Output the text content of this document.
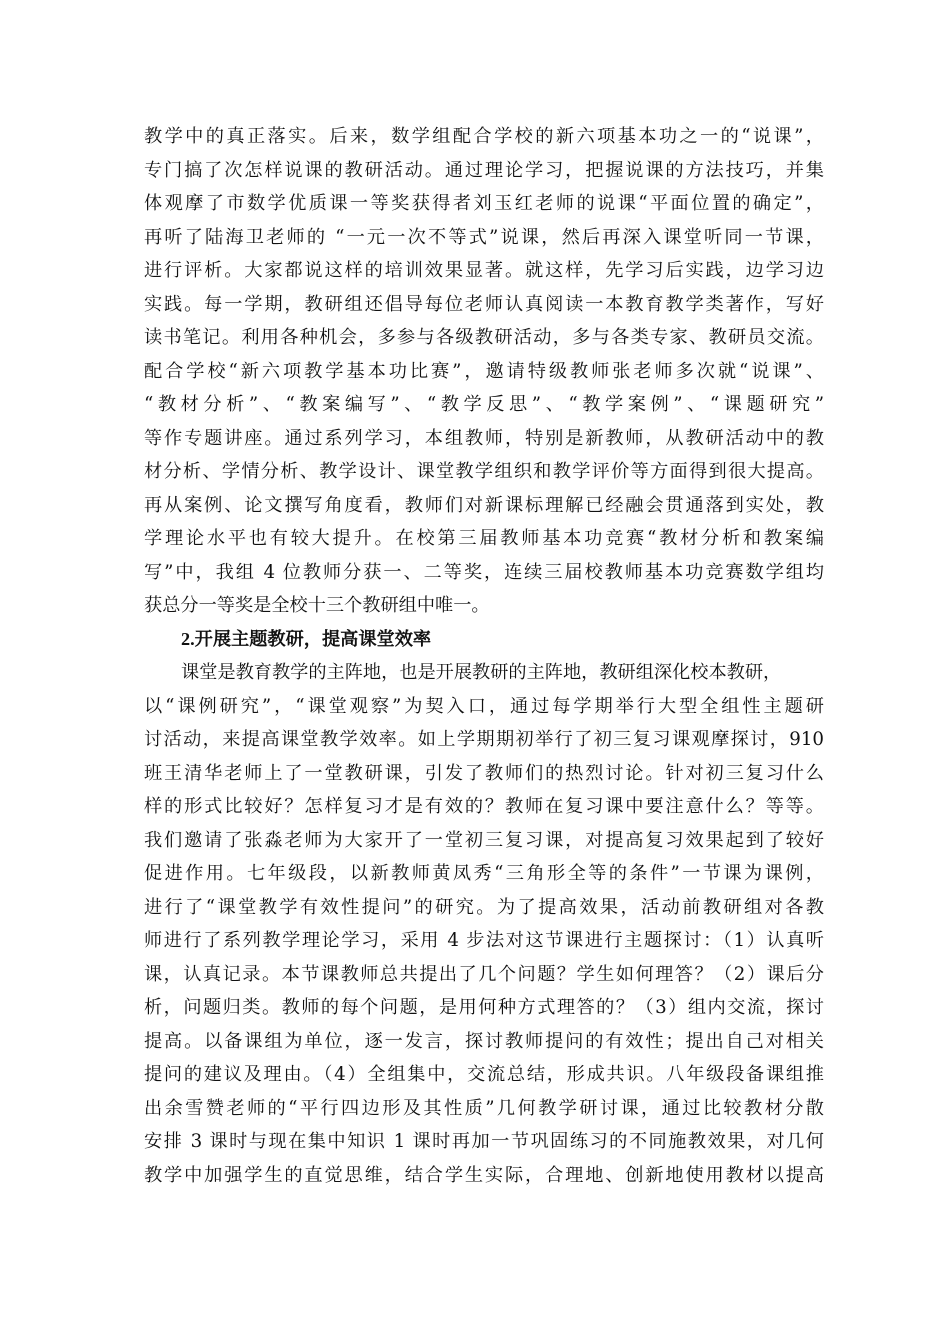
教学中的真正落实。后来，数学组配合学校的新六项基本功之一的“说课”，
专门搞了次怎样说课的教研活动。通过理论学习，把握说课的方法技巧，并集
体观摩了市数学优质课一等奖获得者刘玉红老师的说课“平面位置的确定”，
再听了陆海卫老师的 “一元一次不等式”说课，然后再深入课堂听同一节课，
进行评析。大家都说这样的培训效果显著。就这样，先学习后实践，边学习边
实践。每一学期，教研组还倡导每位老师认真阅读一本教育教学类著作，写好
读书笔记。利用各种机会，多参与各级教研活动，多与各类专家、教研员交流。
配合学校“新六项教学基本功比赛”，邀请特级教师张老师多次就“说课”、
“教材分析”、“教案编写”、“教学反思”、“教学案例”、“课题研究”
等作专题讲座。通过系列学习，本组教师，特别是新教师，从教研活动中的教
材分析、学情分析、教学设计、课堂教学组织和教学评价等方面得到很大提高。
再从案例、论文撰写角度看，教师们对新课标理解已经融会贯通落到实处，教
学理论水平也有较大提升。在校第三届教师基本功竞赛“教材分析和教案编
写”中，我组 4 位教师分获一、二等奖，连续三届校教师基本功竞赛数学组均
获总分一等奖是全校十三个教研组中唯一。
2.开展主题教研，提高课堂效率
课堂是教育教学的主阵地，也是开展教研的主阵地，教研组深化校本教研，
以“课例研究”，“课堂观察”为契入口，通过每学期举行大型全组性主题研
讨活动，来提高课堂教学效率。如上学期期初举行了初三复习课观摩探讨，910
班王清华老师上了一堂教研课，引发了教师们的热烈讨论。针对初三复习什么
样的形式比较好？怎样复习才是有效的？教师在复习课中要注意什么？等等。
我们邀请了张淼老师为大家开了一堂初三复习课，对提高复习效果起到了较好
促进作用。七年级段，以新教师黄凤秀“三角形全等的条件”一节课为课例，
进行了“课堂教学有效性提问”的研究。为了提高效果，活动前教研组对各教
师进行了系列教学理论学习，采用 4 步法对这节课进行主题探讨：（1）认真听
课，认真记录。本节课教师总共提出了几个问题？学生如何理答？（2）课后分
析，问题归类。教师的每个问题，是用何种方式理答的？（3）组内交流，探讨
提高。以备课组为单位，逐一发言，探讨教师提问的有效性；提出自己对相关
提问的建议及理由。（4）全组集中，交流总结，形成共识。八年级段备课组推
出余雪赞老师的“平行四边形及其性质”几何教学研讨课，通过比较教材分散
安排 3 课时与现在集中知识 1 课时再加一节巩固练习的不同施教效果，对几何
教学中加强学生的直觉思维，结合学生实际，合理地、创新地使用教材以提高
